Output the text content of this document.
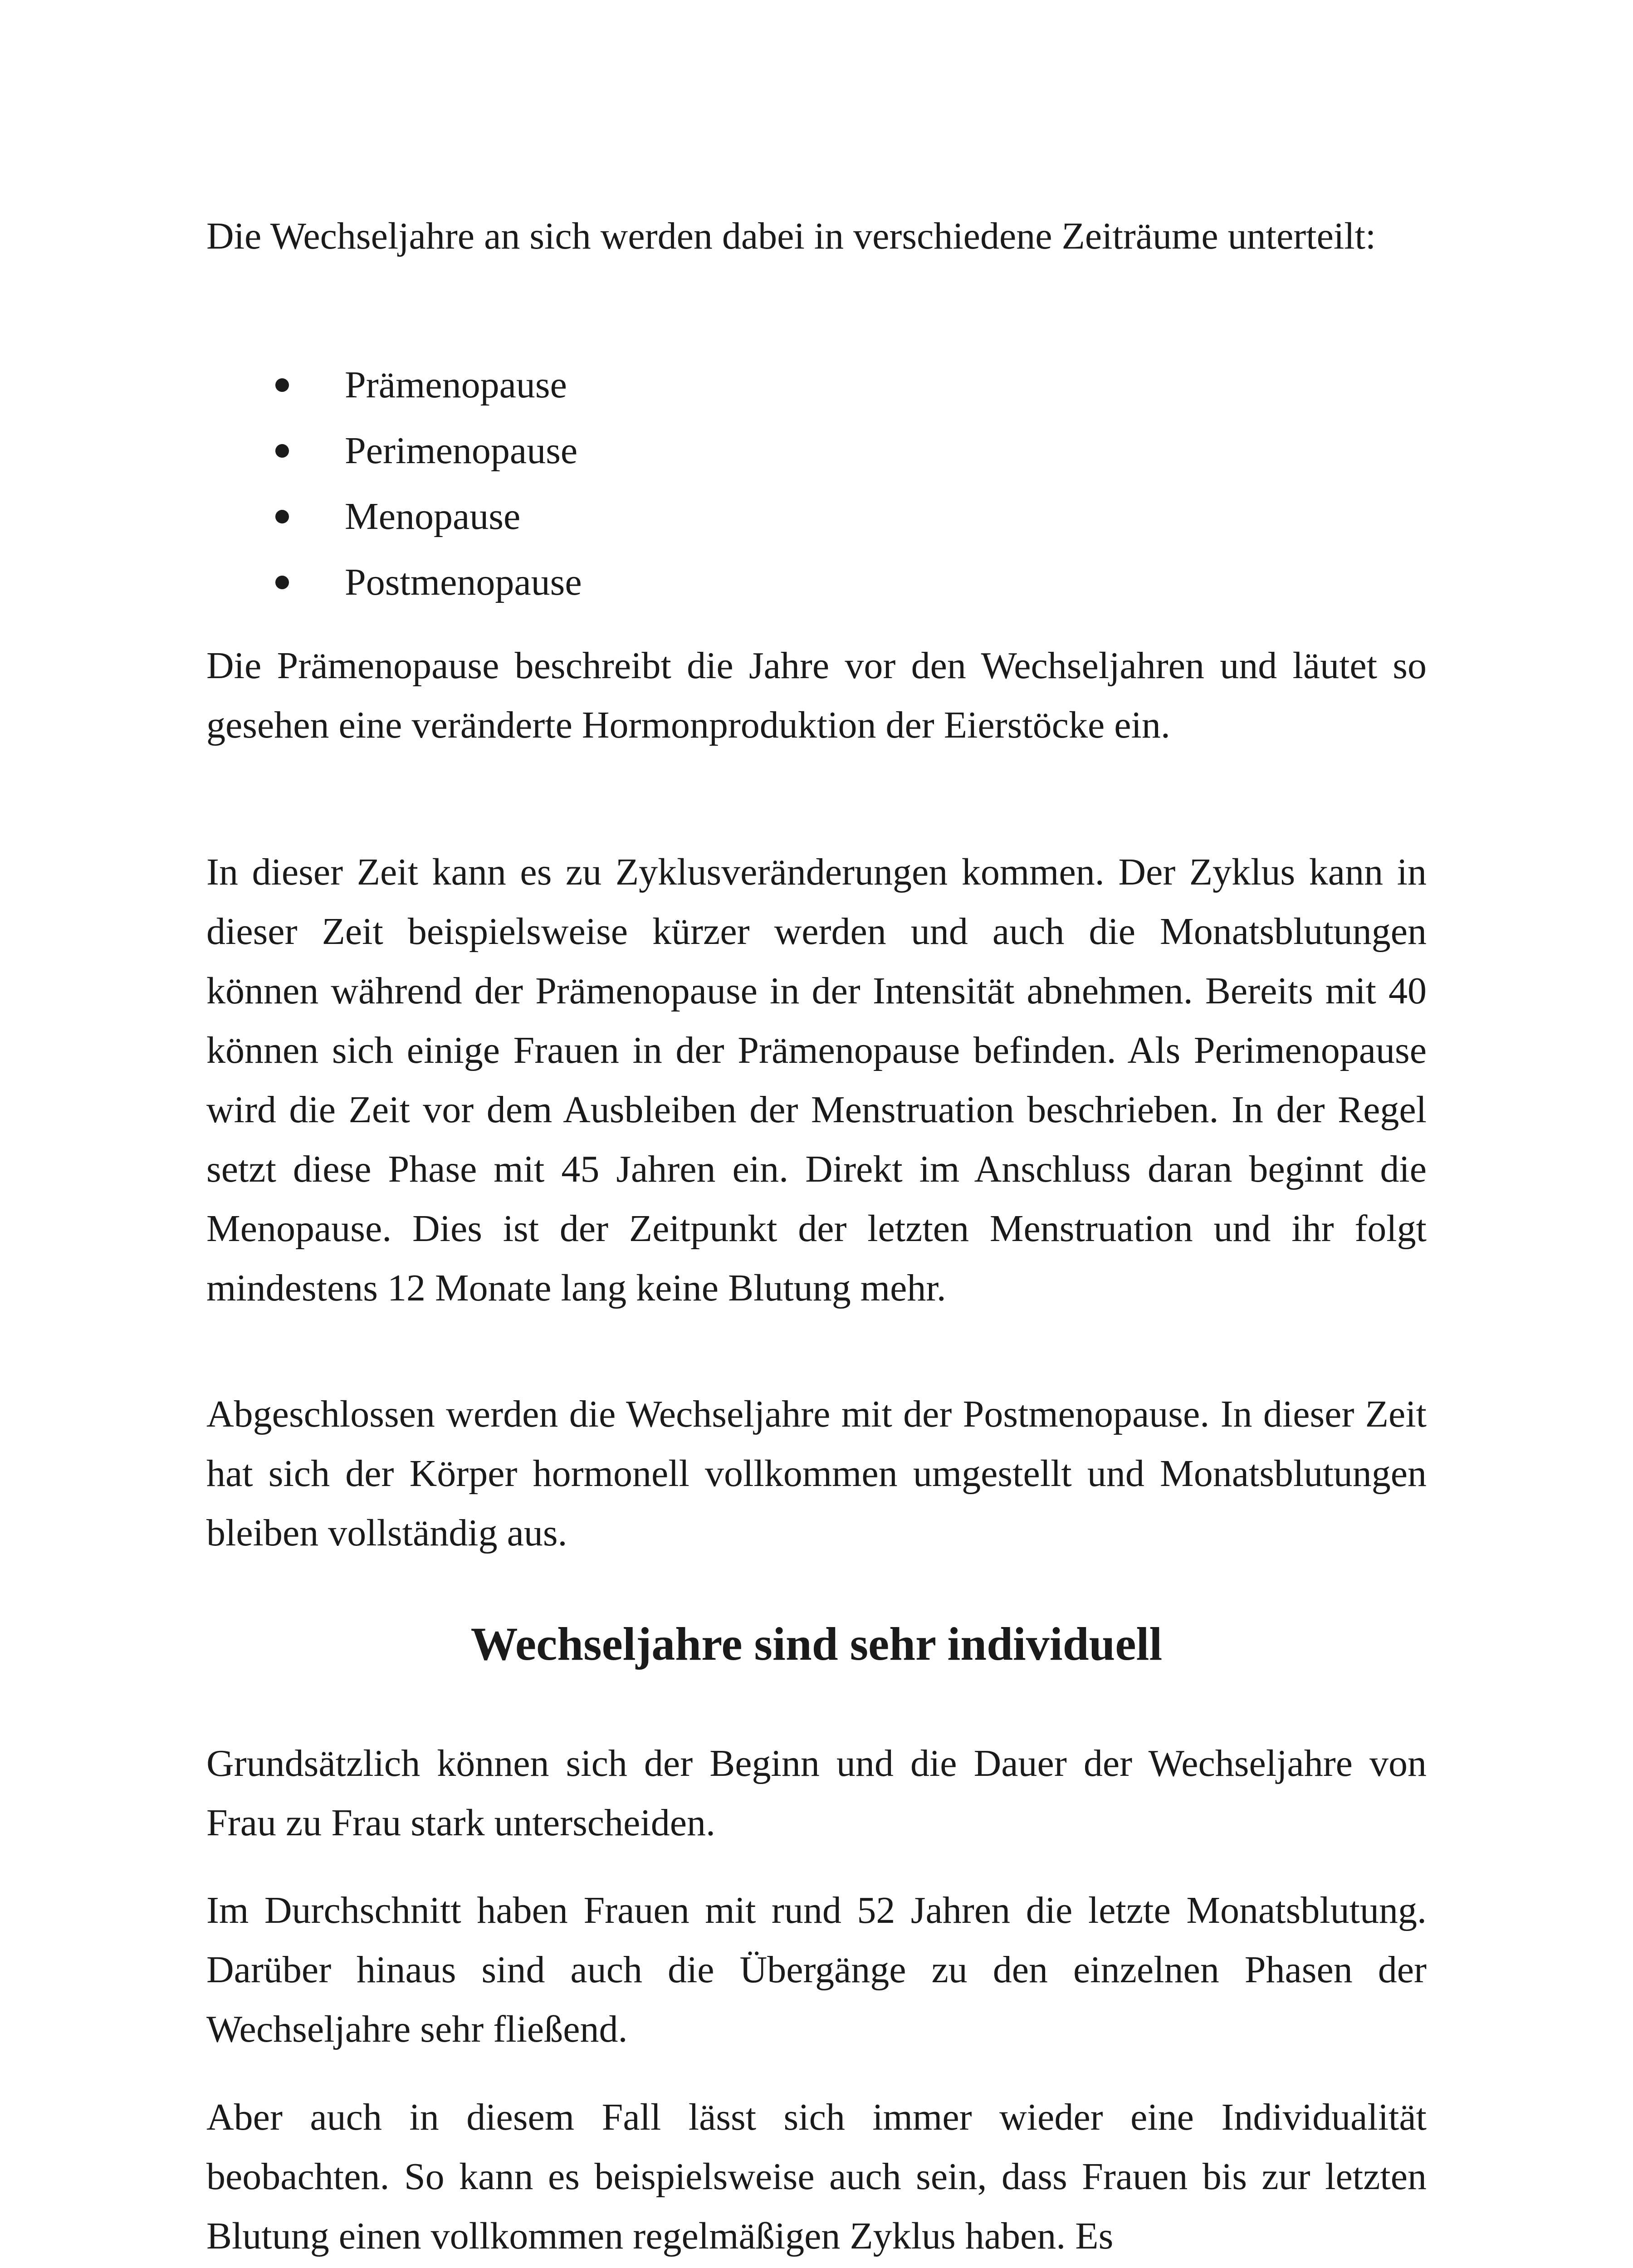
Die Wechseljahre an sich werden dabei in verschiedene Zeiträume unterteilt:

Prämenopause
Perimenopause
Menopause
Postmenopause

Die Prämenopause beschreibt die Jahre vor den Wechseljahren und läutet so gesehen eine veränderte Hormonproduktion der Eierstöcke ein.

In dieser Zeit kann es zu Zyklusveränderungen kommen. Der Zyklus kann in dieser Zeit beispielsweise kürzer werden und auch die Monatsblutungen können während der Prämenopause in der Intensität abnehmen. Bereits mit 40 können sich einige Frauen in der Prämenopause befinden. Als Perimenopause wird die Zeit vor dem Ausbleiben der Menstruation beschrieben. In der Regel setzt diese Phase mit 45 Jahren ein. Direkt im Anschluss daran beginnt die Menopause. Dies ist der Zeitpunkt der letzten Menstruation und ihr folgt mindestens 12 Monate lang keine Blutung mehr.

Abgeschlossen werden die Wechseljahre mit der Postmenopause. In dieser Zeit hat sich der Körper hormonell vollkommen umgestellt und Monatsblutungen bleiben vollständig aus.

Wechseljahre sind sehr individuell

Grundsätzlich können sich der Beginn und die Dauer der Wechseljahre von Frau zu Frau stark unterscheiden.

Im Durchschnitt haben Frauen mit rund 52 Jahren die letzte Monatsblutung. Darüber hinaus sind auch die Übergänge zu den einzelnen Phasen der Wechseljahre sehr fließend.

Aber auch in diesem Fall lässt sich immer wieder eine Individualität beobachten. So kann es beispielsweise auch sein, dass Frauen bis zur letzten Blutung einen vollkommen regelmäßigen Zyklus haben. Es
